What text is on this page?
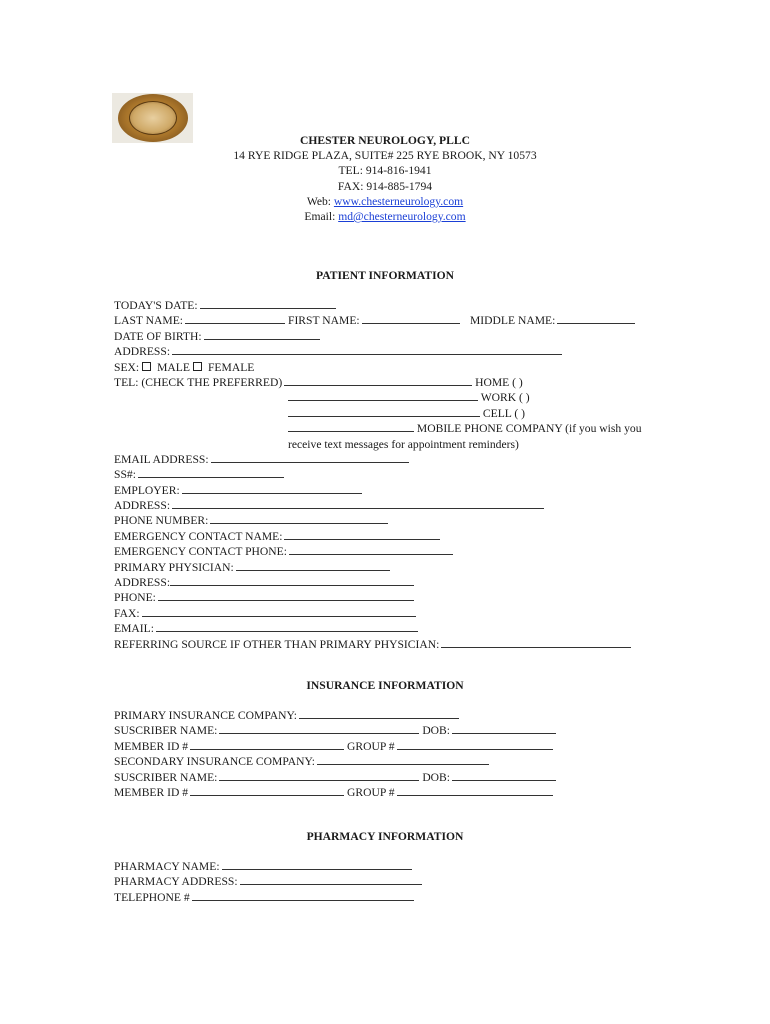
CHESTER NEUROLOGY, PLLC
14 RYE RIDGE PLAZA, SUITE# 225 RYE BROOK, NY 10573
TEL: 914-816-1941
FAX: 914-885-1794
Web: www.chesterneurology.com
Email: md@chesterneurology.com
PATIENT INFORMATION
TODAY'S DATE:
LAST NAME:	FIRST NAME:	MIDDLE NAME:
DATE OF BIRTH:
ADDRESS:
SEX: MALE FEMALE
TEL: (CHECK THE PREFERRED)	HOME ( )
WORK ( )
CELL ( )
MOBILE PHONE COMPANY (if you wish you
receive text messages for appointment reminders)
EMAIL ADDRESS:
SS#:
EMPLOYER:
ADDRESS:
PHONE NUMBER:
EMERGENCY CONTACT NAME:
EMERGENCY CONTACT PHONE:
PRIMARY PHYSICIAN:
ADDRESS:
PHONE:
FAX:
EMAIL:
REFERRING SOURCE IF OTHER THAN PRIMARY PHYSICIAN:
INSURANCE INFORMATION
PRIMARY INSURANCE COMPANY:
SUSCRIBER NAME:	DOB:
MEMBER ID #	GROUP #
SECONDARY INSURANCE COMPANY:
SUSCRIBER NAME:	DOB:
MEMBER ID #	GROUP #
PHARMACY INFORMATION
PHARMACY NAME:
PHARMACY ADDRESS:
TELEPHONE #
